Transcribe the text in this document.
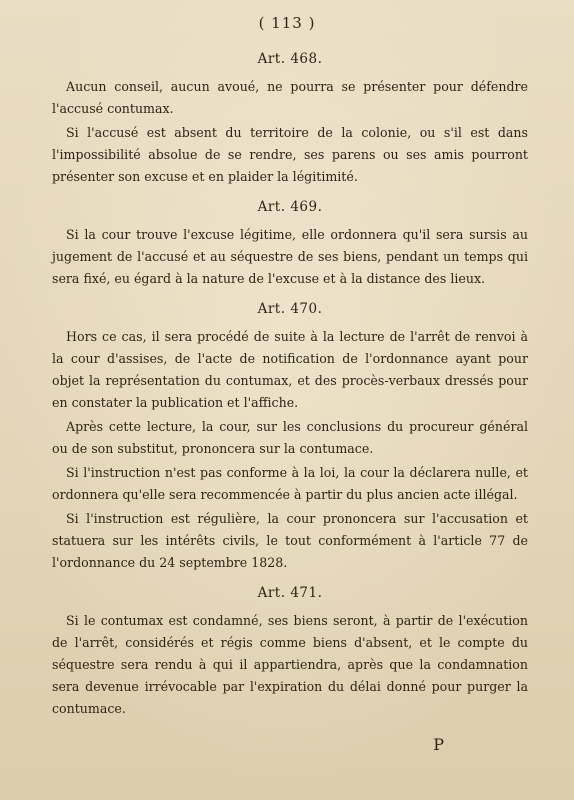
( 113 )
Art. 468.

Aucun conseil, aucun avoué, ne pourra se présenter pour défendre l'accusé contumax.

Si l'accusé est absent du territoire de la colonie, ou s'il est dans l'impossibilité absolue de se rendre, ses parens ou ses amis pourront présenter son excuse et en plaider la légitimité.

Art. 469.

Si la cour trouve l'excuse légitime, elle ordonnera qu'il sera sursis au jugement de l'accusé et au séquestre de ses biens, pendant un temps qui sera fixé, eu égard à la nature de l'excuse et à la distance des lieux.

Art. 470.

Hors ce cas, il sera procédé de suite à la lecture de l'arrêt de renvoi à la cour d'assises, de l'acte de notification de l'ordonnance ayant pour objet la représentation du contumax, et des procès-verbaux dressés pour en constater la publication et l'affiche.

Après cette lecture, la cour, sur les conclusions du procureur général ou de son substitut, prononcera sur la contumace.

Si l'instruction n'est pas conforme à la loi, la cour la déclarera nulle, et ordonnera qu'elle sera recommencée à partir du plus ancien acte illégal.

Si l'instruction est régulière, la cour prononcera sur l'accusation et statuera sur les intérêts civils, le tout conformément à l'article 77 de l'ordonnance du 24 septembre 1828.

Art. 471.

Si le contumax est condamné, ses biens seront, à partir de l'exécution de l'arrêt, considérés et régis comme biens d'absent, et le compte du séquestre sera rendu à qui il appartiendra, après que la condamnation sera devenue irrévocable par l'expiration du délai donné pour purger la contumace.

P
